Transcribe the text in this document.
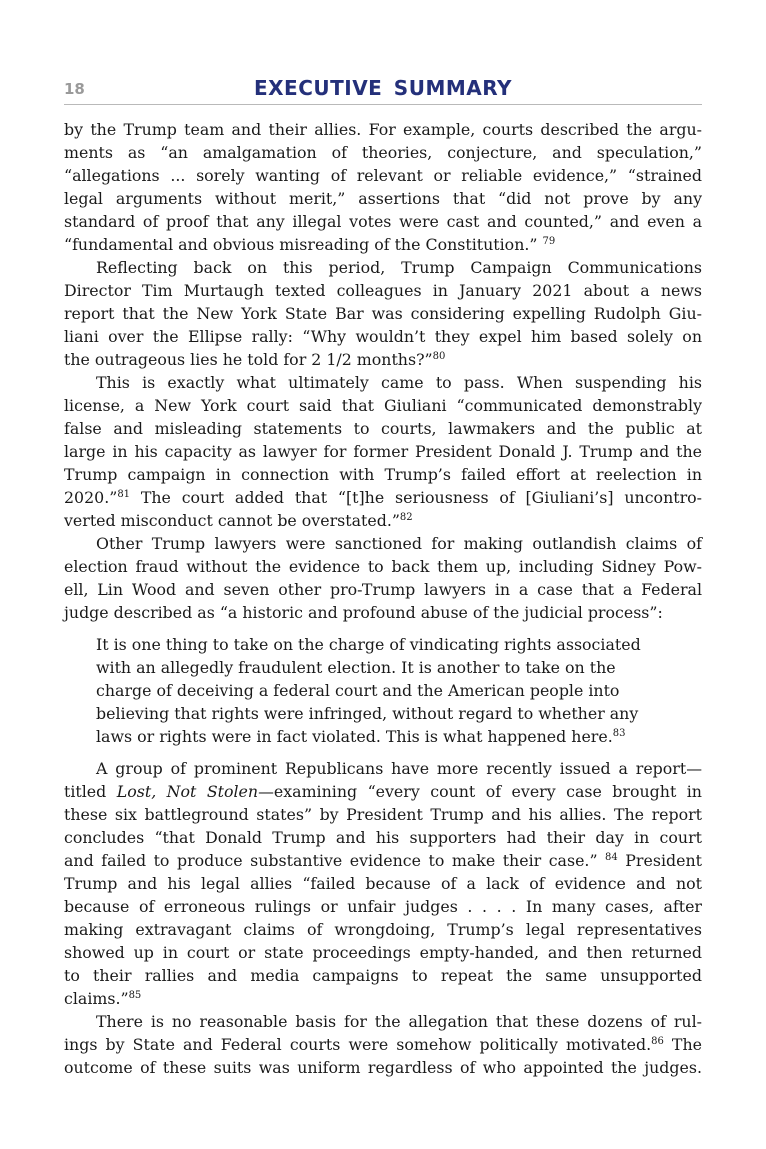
18	EXECUTIVE SUMMARY
by the Trump team and their allies. For example, courts described the argu-
ments as “an amalgamation of theories, conjecture, and speculation,”
“allegations ... sorely wanting of relevant or reliable evidence,” “strained
legal arguments without merit,” assertions that “did not prove by any
standard of proof that any illegal votes were cast and counted,” and even a
“fundamental and obvious misreading of the Constitution.” $^{79}$
Reflecting back on this period, Trump Campaign Communications
Director Tim Murtaugh texted colleagues in January 2021 about a news
report that the New York State Bar was considering expelling Rudolph Giu-
liani over the Ellipse rally: “Why wouldn’t they expel him based solely on
the outrageous lies he told for 2 1/2 months?”$^{80}$
This is exactly what ultimately came to pass. When suspending his
license, a New York court said that Giuliani “communicated demonstrably
false and misleading statements to courts, lawmakers and the public at
large in his capacity as lawyer for former President Donald J. Trump and the
Trump campaign in connection with Trump’s failed effort at reelection in
2020.”$^{81}$ The court added that “[t]he seriousness of [Giuliani’s] uncontro-
verted misconduct cannot be overstated.”$^{82}$
Other Trump lawyers were sanctioned for making outlandish claims of
election fraud without the evidence to back them up, including Sidney Pow-
ell, Lin Wood and seven other pro-Trump lawyers in a case that a Federal
judge described as “a historic and profound abuse of the judicial process”:
It is one thing to take on the charge of vindicating rights associated
with an allegedly fraudulent election. It is another to take on the
charge of deceiving a federal court and the American people into
believing that rights were infringed, without regard to whether any
laws or rights were in fact violated. This is what happened here.$^{83}$
A group of prominent Republicans have more recently issued a report—
titled Lost, Not Stolen—examining “every count of every case brought in
these six battleground states” by President Trump and his allies. The report
concludes “that Donald Trump and his supporters had their day in court
and failed to produce substantive evidence to make their case.” $^{84}$ President
Trump and his legal allies “failed because of a lack of evidence and not
because of erroneous rulings or unfair judges . . . . In many cases, after
making extravagant claims of wrongdoing, Trump’s legal representatives
showed up in court or state proceedings empty-handed, and then returned
to their rallies and media campaigns to repeat the same unsupported
claims.”$^{85}$
There is no reasonable basis for the allegation that these dozens of rul-
ings by State and Federal courts were somehow politically motivated.$^{86}$ The
outcome of these suits was uniform regardless of who appointed the judges.
